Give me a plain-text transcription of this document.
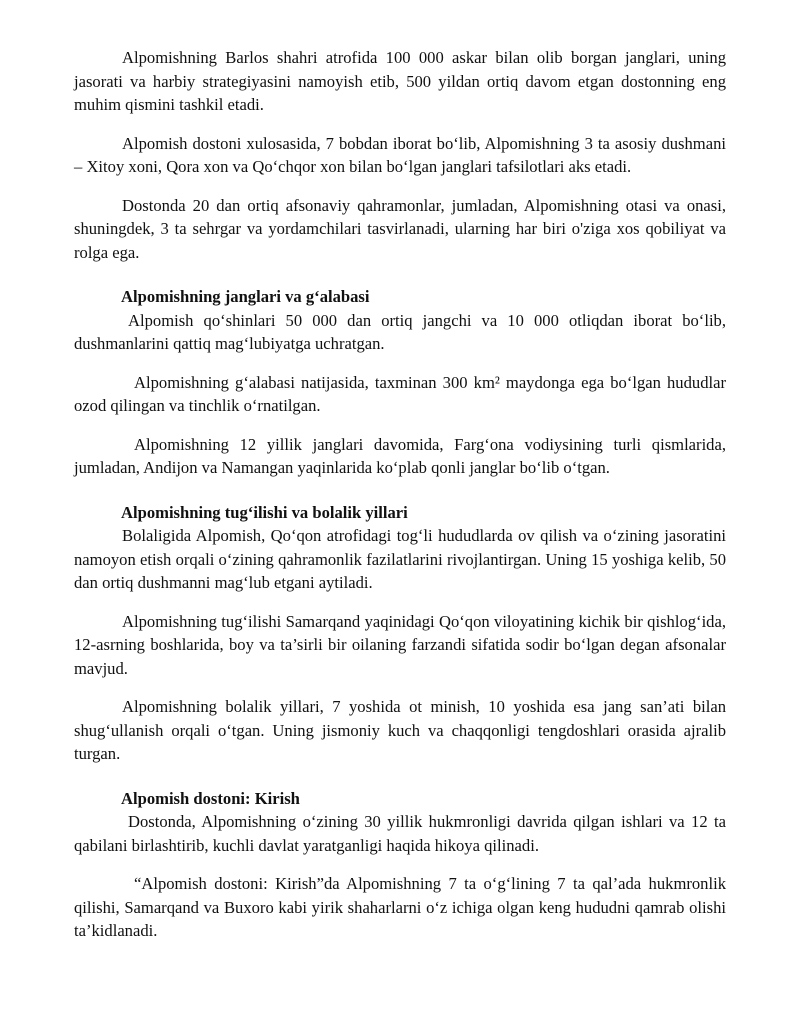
Alpomishning Barlos shahri atrofida 100 000 askar bilan olib borgan janglari, uning jasorati va harbiy strategiyasini namoyish etib, 500 yildan ortiq davom etgan dostonning eng muhim qismini tashkil etadi.

Alpomish dostoni xulosasida, 7 bobdan iborat bo‘lib, Alpomishning 3 ta asosiy dushmani – Xitoy xoni, Qora xon va Qo‘chqor xon bilan bo‘lgan janglari tafsilotlari aks etadi.

Dostonda 20 dan ortiq afsonaviy qahramonlar, jumladan, Alpomishning otasi va onasi, shuningdek, 3 ta sehrgar va yordamchilari tasvirlanadi, ularning har biri o'ziga xos qobiliyat va rolga ega.

Alpomishning janglari va g‘alabasi

Alpomish qo‘shinlari 50 000 dan ortiq jangchi va 10 000 otliqdan iborat bo‘lib, dushmanlarini qattiq mag‘lubiyatga uchratgan.

Alpomishning g‘alabasi natijasida, taxminan 300 km² maydonga ega bo‘lgan hududlar ozod qilingan va tinchlik o‘rnatilgan.

Alpomishning 12 yillik janglari davomida, Farg‘ona vodiysining turli qismlarida, jumladan, Andijon va Namangan yaqinlarida ko‘plab qonli janglar bo‘lib o‘tgan.

Alpomishning tug‘ilishi va bolalik yillari

Bolaligida Alpomish, Qo‘qon atrofidagi tog‘li hududlarda ov qilish va o‘zining jasoratini namoyon etish orqali o‘zining qahramonlik fazilatlarini rivojlantirgan. Uning 15 yoshiga kelib, 50 dan ortiq dushmanni mag‘lub etgani aytiladi.

Alpomishning tug‘ilishi Samarqand yaqinidagi Qo‘qon viloyatining kichik bir qishlog‘ida, 12-asrning boshlarida, boy va ta’sirli bir oilaning farzandi sifatida sodir bo‘lgan degan afsonalar mavjud.

Alpomishning bolalik yillari, 7 yoshida ot minish, 10 yoshida esa jang san’ati bilan shug‘ullanish orqali o‘tgan. Uning jismoniy kuch va chaqqonligi tengdoshlari orasida ajralib turgan.

Alpomish dostoni: Kirish

Dostonda, Alpomishning o‘zining 30 yillik hukmronligi davrida qilgan ishlari va 12 ta qabilani birlashtirib, kuchli davlat yaratganligi haqida hikoya qilinadi.

“Alpomish dostoni: Kirish”da Alpomishning 7 ta o‘g‘lining 7 ta qal’ada hukmronlik qilishi, Samarqand va Buxoro kabi yirik shaharlarni o‘z ichiga olgan keng hududni qamrab olishi ta’kidlanadi.
